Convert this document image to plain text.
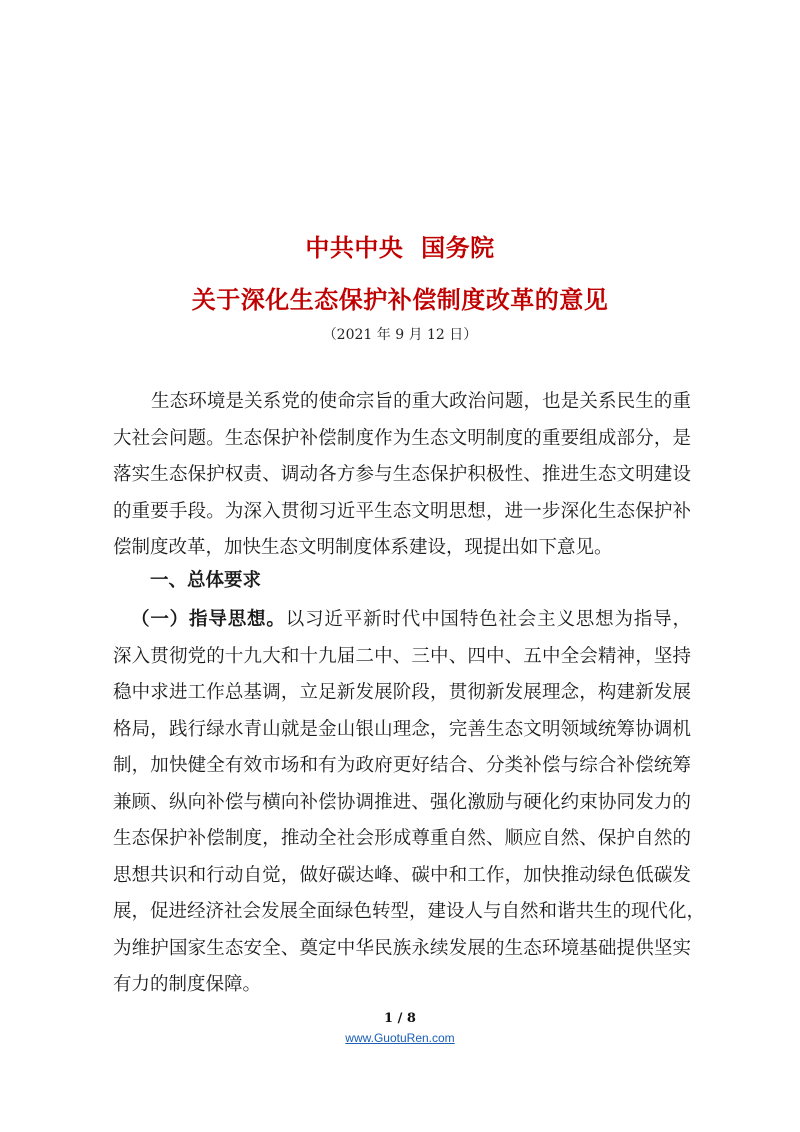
中共中央  国务院
关于深化生态保护补偿制度改革的意见
（2021 年 9 月 12 日）
生态环境是关系党的使命宗旨的重大政治问题，也是关系民生的重
大社会问题。生态保护补偿制度作为生态文明制度的重要组成部分，是
落实生态保护权责、调动各方参与生态保护积极性、推进生态文明建设
的重要手段。为深入贯彻习近平生态文明思想，进一步深化生态保护补
偿制度改革，加快生态文明制度体系建设，现提出如下意见。
一、总体要求
（一）指导思想。以习近平新时代中国特色社会主义思想为指导，
深入贯彻党的十九大和十九届二中、三中、四中、五中全会精神，坚持
稳中求进工作总基调，立足新发展阶段，贯彻新发展理念，构建新发展
格局，践行绿水青山就是金山银山理念，完善生态文明领域统筹协调机
制，加快健全有效市场和有为政府更好结合、分类补偿与综合补偿统筹
兼顾、纵向补偿与横向补偿协调推进、强化激励与硬化约束协同发力的
生态保护补偿制度，推动全社会形成尊重自然、顺应自然、保护自然的
思想共识和行动自觉，做好碳达峰、碳中和工作，加快推动绿色低碳发
展，促进经济社会发展全面绿色转型，建设人与自然和谐共生的现代化，
为维护国家生态安全、奠定中华民族永续发展的生态环境基础提供坚实
有力的制度保障。
1 / 8
www.GuotuRen.com
